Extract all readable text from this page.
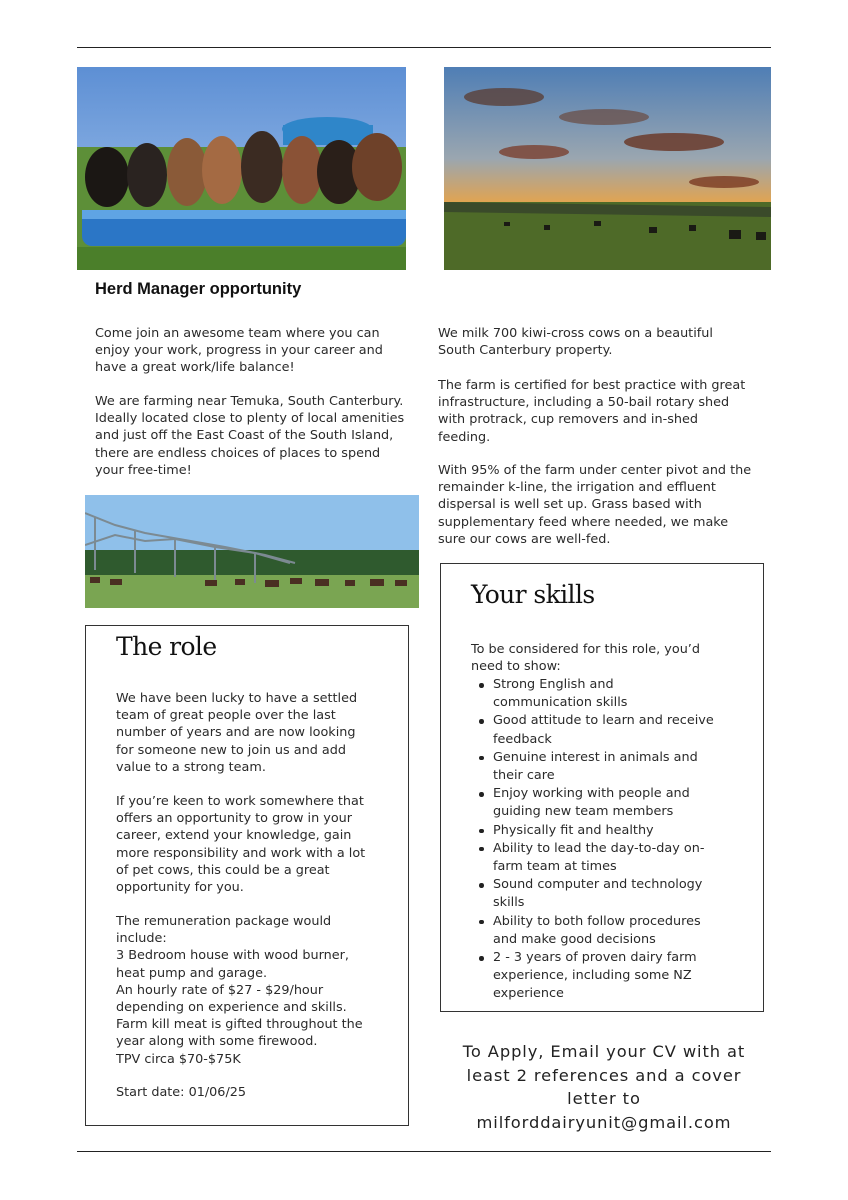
Herd Manager opportunity
Come join an awesome team where you can
enjoy your work, progress in your career and
have a great work/life balance!
We are farming near Temuka, South Canterbury.
Ideally located close to plenty of local amenities
and just off the East Coast of the South Island,
there are endless choices of places to spend
your free-time!
We milk 700 kiwi-cross cows on a beautiful
South Canterbury property.
The farm is certified for best practice with great
infrastructure, including a 50-bail rotary shed
with protrack, cup removers and in-shed
feeding.
With 95% of the farm under center pivot and the
remainder k-line, the irrigation and effluent
dispersal is well set up. Grass based with
supplementary feed where needed, we make
sure our cows are well-fed.
The role
We have been lucky to have a settled
team of great people over the last
number of years and are now looking
for someone new to join us and add
value to a strong team.
If you’re keen to work somewhere that
offers an opportunity to grow in your
career, extend your knowledge, gain
more responsibility and work with a lot
of pet cows, this could be a great
opportunity for you.
The remuneration package would
include:
3 Bedroom house with wood burner,
heat pump and garage.
An hourly rate of $27 - $29/hour
depending on experience and skills.
Farm kill meat is gifted throughout the
year along with some firewood.
TPV circa $70-$75K
Start date: 01/06/25
Your skills
To be considered for this role, you’d
need to show:
Strong English and
communication skills
Good attitude to learn and receive
feedback
Genuine interest in animals and
their care
Enjoy working with people and
guiding new team members
Physically fit and healthy
Ability to lead the day-to-day on-
farm team at times
Sound computer and technology
skills
Ability to both follow procedures
and make good decisions
2 - 3 years of proven dairy farm
experience, including some NZ
experience
To Apply, Email your CV with at
least 2 references and a cover
letter to
milforddairyunit@gmail.com
